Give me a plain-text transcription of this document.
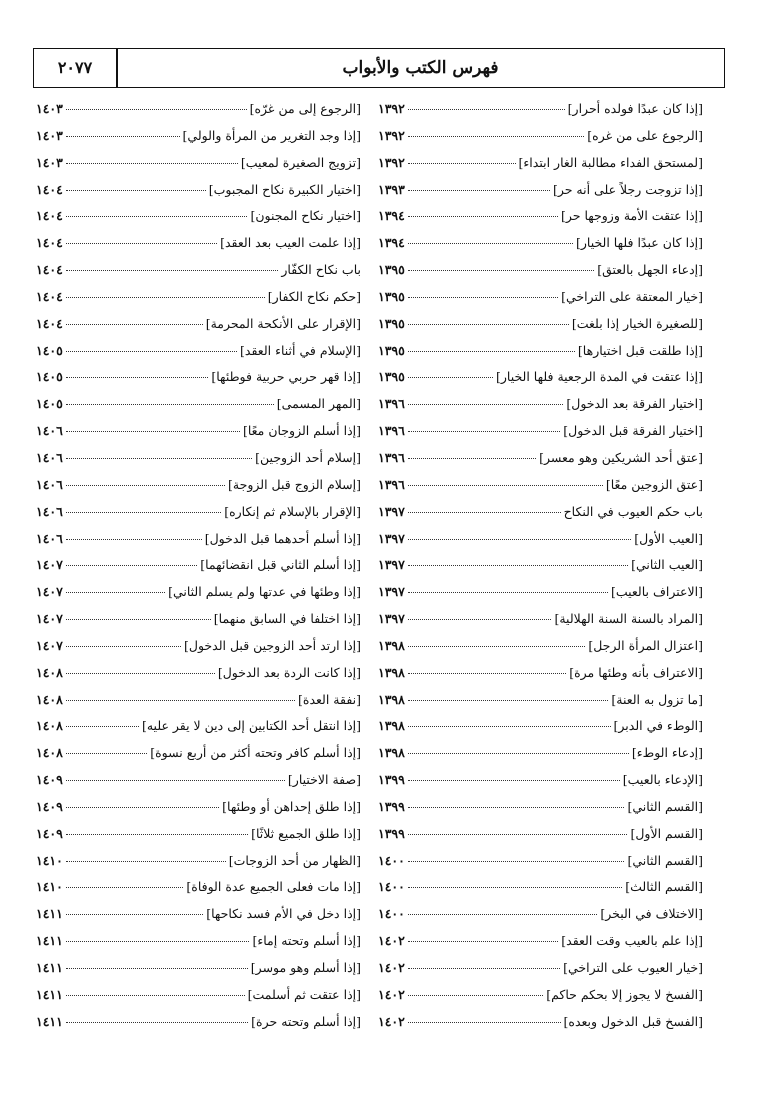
فهرس الكتب والأبواب
٢٠٧٧
[إذا كان عبدًا فولده أحرار]
١٣٩٢
[الرجوع على من غره]
١٣٩٢
[لمستحق الفداء مطالبة الغار ابتداء]
١٣٩٢
[إذا تزوجت رجلاً على أنه حر]
١٣٩٣
[إذا عتقت الأمة وزوجها حر]
١٣٩٤
[إذا كان عبدًا فلها الخيار]
١٣٩٤
[إدعاء الجهل بالعتق]
١٣٩٥
[خيار المعتقة على التراخي]
١٣٩٥
[للصغيرة الخيار إذا بلغت]
١٣٩٥
[إذا طلقت قبل اختيارها]
١٣٩٥
[إذا عتقت في المدة الرجعية فلها الخيار]
١٣٩٥
[اختيار الفرقة بعد الدخول]
١٣٩٦
[اختيار الفرقة قبل الدخول]
١٣٩٦
[عتق أحد الشريكين وهو معسر]
١٣٩٦
[عتق الزوجين معًا]
١٣٩٦
باب حكم العيوب في النكاح
١٣٩٧
[العيب الأول]
١٣٩٧
[العيب الثاني]
١٣٩٧
[الاعتراف بالعيب]
١٣٩٧
[المراد بالسنة السنة الهلالية]
١٣٩٧
[اعتزال المرأة الرجل]
١٣٩٨
[الاعتراف بأنه وطئها مرة]
١٣٩٨
[ما تزول به العنة]
١٣٩٨
[الوطء في الدبر]
١٣٩٨
[إدعاء الوطء]
١٣٩٨
[الإدعاء بالعيب]
١٣٩٩
[القسم الثاني]
١٣٩٩
[القسم الأول]
١٣٩٩
[القسم الثاني]
١٤٠٠
[القسم الثالث]
١٤٠٠
[الاختلاف في البخر]
١٤٠٠
[إذا علم بالعيب وقت العقد]
١٤٠٢
[خيار العيوب على التراخي]
١٤٠٢
[الفسخ لا يجوز إلا بحكم حاكم]
١٤٠٢
[الفسخ قبل الدخول وبعده]
١٤٠٢
[الرجوع إلى من غرّه]
١٤٠٣
[إذا وجد التغرير من المرأة والولي]
١٤٠٣
[تزويج الصغيرة لمعيب]
١٤٠٣
[اختيار الكبيرة نكاح المجبوب]
١٤٠٤
[اختيار نكاح المجنون]
١٤٠٤
[إذا علمت العيب بعد العقد]
١٤٠٤
باب نكاح الكفّار
١٤٠٤
[حكم نكاح الكفار]
١٤٠٤
[الإقرار على الأنكحة المحرمة]
١٤٠٤
[الإسلام في أثناء العقد]
١٤٠٥
[إذا قهر حربي حربية فوطئها]
١٤٠٥
[المهر المسمى]
١٤٠٥
[إذا أسلم الزوجان معًا]
١٤٠٦
[إسلام أحد الزوجين]
١٤٠٦
[إسلام الزوج قبل الزوجة]
١٤٠٦
[الإقرار بالإسلام ثم إنكاره]
١٤٠٦
[إذا أسلم أحدهما قبل الدخول]
١٤٠٦
[إذا أسلم الثاني قبل انقضائهما]
١٤٠٧
[إذا وطئها في عدتها ولم يسلم الثاني]
١٤٠٧
[إذا اختلفا في السابق منهما]
١٤٠٧
[إذا ارتد أحد الزوجين قبل الدخول]
١٤٠٧
[إذا كانت الردة بعد الدخول]
١٤٠٨
[نفقة العدة]
١٤٠٨
[إذا انتقل أحد الكتابين إلى دين لا يقر عليه]
١٤٠٨
[إذا أسلم كافر وتحته أكثر من أربع نسوة]
١٤٠٨
[صفة الاختيار]
١٤٠٩
[إذا طلق إحداهن أو وطئها]
١٤٠٩
[إذا طلق الجميع ثلاثًا]
١٤٠٩
[الظهار من أحد الزوجات]
١٤١٠
[إذا مات فعلى الجميع عدة الوفاة]
١٤١٠
[إذا دخل في الأم فسد نكاحها]
١٤١١
[إذا أسلم وتحته إماء]
١٤١١
[إذا أسلم وهو موسر]
١٤١١
[إذا عتقت ثم أسلمت]
١٤١١
[إذا أسلم وتحته حرة]
١٤١١
